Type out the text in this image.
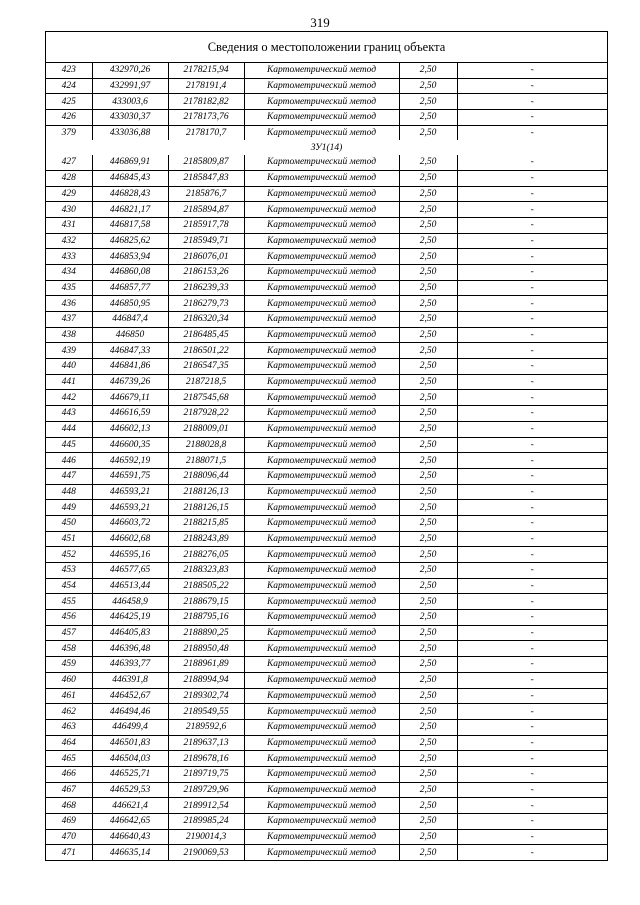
319
Сведения о местоположении границ объекта
423	432970,26	2178215,94	Картометрический метод	2,50	-
424	432991,97	2178191,4	Картометрический метод	2,50	-
425	433003,6	2178182,82	Картометрический метод	2,50	-
426	433030,37	2178173,76	Картометрический метод	2,50	-
379	433036,88	2178170,7	Картометрический метод	2,50	-
ЗУ1(14)					
427	446869,91	2185809,87	Картометрический метод	2,50	-
428	446845,43	2185847,83	Картометрический метод	2,50	-
429	446828,43	2185876,7	Картометрический метод	2,50	-
430	446821,17	2185894,87	Картометрический метод	2,50	-
431	446817,58	2185917,78	Картометрический метод	2,50	-
432	446825,62	2185949,71	Картометрический метод	2,50	-
433	446853,94	2186076,01	Картометрический метод	2,50	-
434	446860,08	2186153,26	Картометрический метод	2,50	-
435	446857,77	2186239,33	Картометрический метод	2,50	-
436	446850,95	2186279,73	Картометрический метод	2,50	-
437	446847,4	2186320,34	Картометрический метод	2,50	-
438	446850	2186485,45	Картометрический метод	2,50	-
439	446847,33	2186501,22	Картометрический метод	2,50	-
440	446841,86	2186547,35	Картометрический метод	2,50	-
441	446739,26	2187218,5	Картометрический метод	2,50	-
442	446679,11	2187545,68	Картометрический метод	2,50	-
443	446616,59	2187928,22	Картометрический метод	2,50	-
444	446602,13	2188009,01	Картометрический метод	2,50	-
445	446600,35	2188028,8	Картометрический метод	2,50	-
446	446592,19	2188071,5	Картометрический метод	2,50	-
447	446591,75	2188096,44	Картометрический метод	2,50	-
448	446593,21	2188126,13	Картометрический метод	2,50	-
449	446593,21	2188126,15	Картометрический метод	2,50	-
450	446603,72	2188215,85	Картометрический метод	2,50	-
451	446602,68	2188243,89	Картометрический метод	2,50	-
452	446595,16	2188276,05	Картометрический метод	2,50	-
453	446577,65	2188323,83	Картометрический метод	2,50	-
454	446513,44	2188505,22	Картометрический метод	2,50	-
455	446458,9	2188679,15	Картометрический метод	2,50	-
456	446425,19	2188795,16	Картометрический метод	2,50	-
457	446405,83	2188890,25	Картометрический метод	2,50	-
458	446396,48	2188950,48	Картометрический метод	2,50	-
459	446393,77	2188961,89	Картометрический метод	2,50	-
460	446391,8	2188994,94	Картометрический метод	2,50	-
461	446452,67	2189302,74	Картометрический метод	2,50	-
462	446494,46	2189549,55	Картометрический метод	2,50	-
463	446499,4	2189592,6	Картометрический метод	2,50	-
464	446501,83	2189637,13	Картометрический метод	2,50	-
465	446504,03	2189678,16	Картометрический метод	2,50	-
466	446525,71	2189719,75	Картометрический метод	2,50	-
467	446529,53	2189729,96	Картометрический метод	2,50	-
468	446621,4	2189912,54	Картометрический метод	2,50	-
469	446642,65	2189985,24	Картометрический метод	2,50	-
470	446640,43	2190014,3	Картометрический метод	2,50	-
471	446635,14	2190069,53	Картометрический метод	2,50	-
